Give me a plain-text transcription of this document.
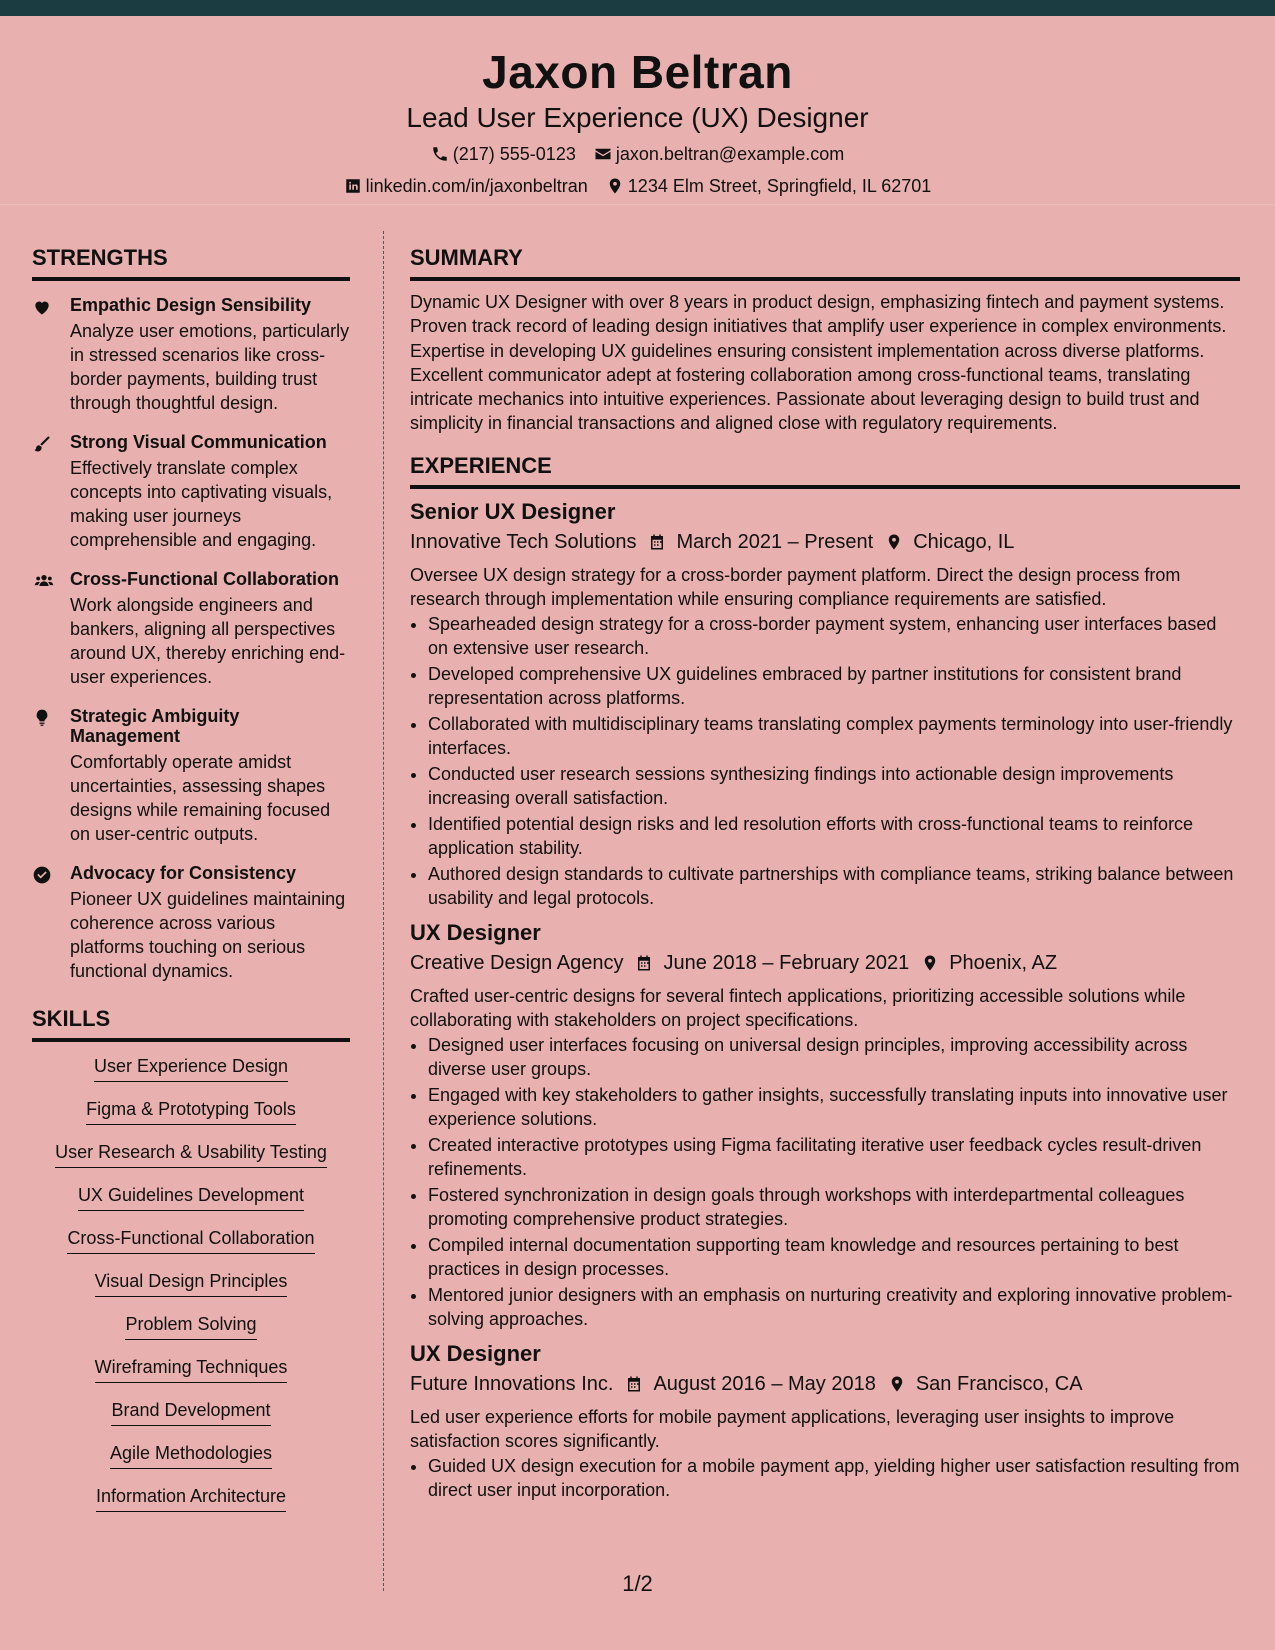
Jaxon Beltran
Lead User Experience (UX) Designer
(217) 555-0123 jaxon.beltran@example.com
linkedin.com/in/jaxonbeltran 1234 Elm Street, Springfield, IL 62701
STRENGTHS
Empathic Design Sensibility
Analyze user emotions, particularly in stressed scenarios like cross-border payments, building trust through thoughtful design.
Strong Visual Communication
Effectively translate complex concepts into captivating visuals, making user journeys comprehensible and engaging.
Cross-Functional Collaboration
Work alongside engineers and bankers, aligning all perspectives around UX, thereby enriching end-user experiences.
Strategic Ambiguity Management
Comfortably operate amidst uncertainties, assessing shapes designs while remaining focused on user-centric outputs.
Advocacy for Consistency
Pioneer UX guidelines maintaining coherence across various platforms touching on serious functional dynamics.
SKILLS
User Experience Design
Figma & Prototyping Tools
User Research & Usability Testing
UX Guidelines Development
Cross-Functional Collaboration
Visual Design Principles
Problem Solving
Wireframing Techniques
Brand Development
Agile Methodologies
Information Architecture
SUMMARY

Dynamic UX Designer with over 8 years in product design, emphasizing fintech and payment systems. Proven track record of leading design initiatives that amplify user experience in complex environments. Expertise in developing UX guidelines ensuring consistent implementation across diverse platforms. Excellent communicator adept at fostering collaboration among cross-functional teams, translating intricate mechanics into intuitive experiences. Passionate about leveraging design to build trust and simplicity in financial transactions and aligned close with regulatory requirements.

EXPERIENCE
Senior UX Designer
Innovative Tech Solutions March 2021 – Present Chicago, IL

Oversee UX design strategy for a cross-border payment platform. Direct the design process from research through implementation while ensuring compliance requirements are satisfied.

• Spearheaded design strategy for a cross-border payment system, enhancing user interfaces based on extensive user research.
• Developed comprehensive UX guidelines embraced by partner institutions for consistent brand representation across platforms.
• Collaborated with multidisciplinary teams translating complex payments terminology into user-friendly interfaces.
• Conducted user research sessions synthesizing findings into actionable design improvements increasing overall satisfaction.
• Identified potential design risks and led resolution efforts with cross-functional teams to reinforce application stability.
• Authored design standards to cultivate partnerships with compliance teams, striking balance between usability and legal protocols.
UX Designer
Creative Design Agency June 2018 – February 2021 Phoenix, AZ

Crafted user-centric designs for several fintech applications, prioritizing accessible solutions while collaborating with stakeholders on project specifications.

• Designed user interfaces focusing on universal design principles, improving accessibility across diverse user groups.
• Engaged with key stakeholders to gather insights, successfully translating inputs into innovative user experience solutions.
• Created interactive prototypes using Figma facilitating iterative user feedback cycles result-driven refinements.
• Fostered synchronization in design goals through workshops with interdepartmental colleagues promoting comprehensive product strategies.
• Compiled internal documentation supporting team knowledge and resources pertaining to best practices in design processes.
• Mentored junior designers with an emphasis on nurturing creativity and exploring innovative problem-solving approaches.
UX Designer
Future Innovations Inc. August 2016 – May 2018 San Francisco, CA

Led user experience efforts for mobile payment applications, leveraging user insights to improve satisfaction scores significantly.

• Guided UX design execution for a mobile payment app, yielding higher user satisfaction resulting from direct user input incorporation.
1/2
